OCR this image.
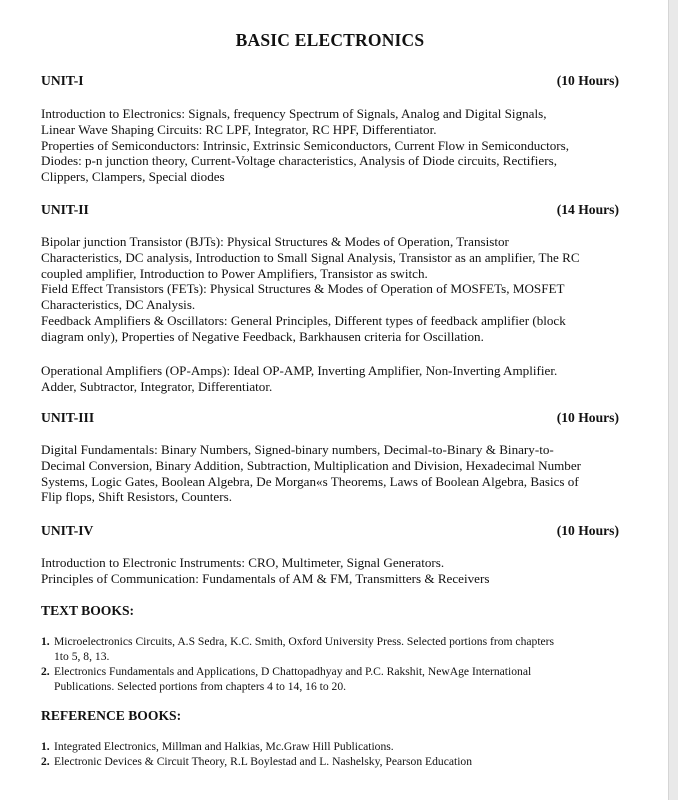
BASIC ELECTRONICS
UNIT-I	(10 Hours)
Introduction to Electronics: Signals, frequency Spectrum of Signals, Analog and Digital Signals,
Linear Wave Shaping Circuits: RC LPF, Integrator, RC HPF, Differentiator.
Properties of Semiconductors: Intrinsic, Extrinsic Semiconductors, Current Flow in Semiconductors,
Diodes: p-n junction theory, Current-Voltage characteristics, Analysis of Diode circuits, Rectifiers,
Clippers, Clampers, Special diodes
UNIT-II	(14 Hours)
Bipolar junction Transistor (BJTs): Physical Structures & Modes of Operation, Transistor
Characteristics, DC analysis, Introduction to Small Signal Analysis, Transistor as an amplifier, The RC
coupled amplifier, Introduction to Power Amplifiers, Transistor as switch.
Field Effect Transistors (FETs): Physical Structures & Modes of Operation of MOSFETs, MOSFET
Characteristics, DC Analysis.
Feedback Amplifiers & Oscillators: General Principles, Different types of feedback amplifier (block
diagram only), Properties of Negative Feedback, Barkhausen criteria for Oscillation.
Operational Amplifiers (OP-Amps): Ideal OP-AMP, Inverting Amplifier, Non-Inverting Amplifier.
Adder, Subtractor, Integrator, Differentiator.
UNIT-III	(10 Hours)
Digital Fundamentals: Binary Numbers, Signed-binary numbers, Decimal-to-Binary & Binary-to-
Decimal Conversion, Binary Addition, Subtraction, Multiplication and Division, Hexadecimal Number
Systems, Logic Gates, Boolean Algebra, De Morgan«s Theorems, Laws of Boolean Algebra, Basics of
Flip flops, Shift Resistors, Counters.
UNIT-IV	(10 Hours)
Introduction to Electronic Instruments: CRO, Multimeter, Signal Generators.
Principles of Communication: Fundamentals of AM & FM, Transmitters & Receivers
TEXT BOOKS:
1. Microelectronics Circuits, A.S Sedra, K.C. Smith, Oxford University Press. Selected portions from chapters
1to 5, 8, 13.
2. Electronics Fundamentals and Applications, D Chattopadhyay and P.C. Rakshit, NewAge International
Publications. Selected portions from chapters 4 to 14, 16 to 20.
REFERENCE BOOKS:
1. Integrated Electronics, Millman and Halkias, Mc.Graw Hill Publications.
2. Electronic Devices & Circuit Theory, R.L Boylestad and L. Nashelsky, Pearson Education
